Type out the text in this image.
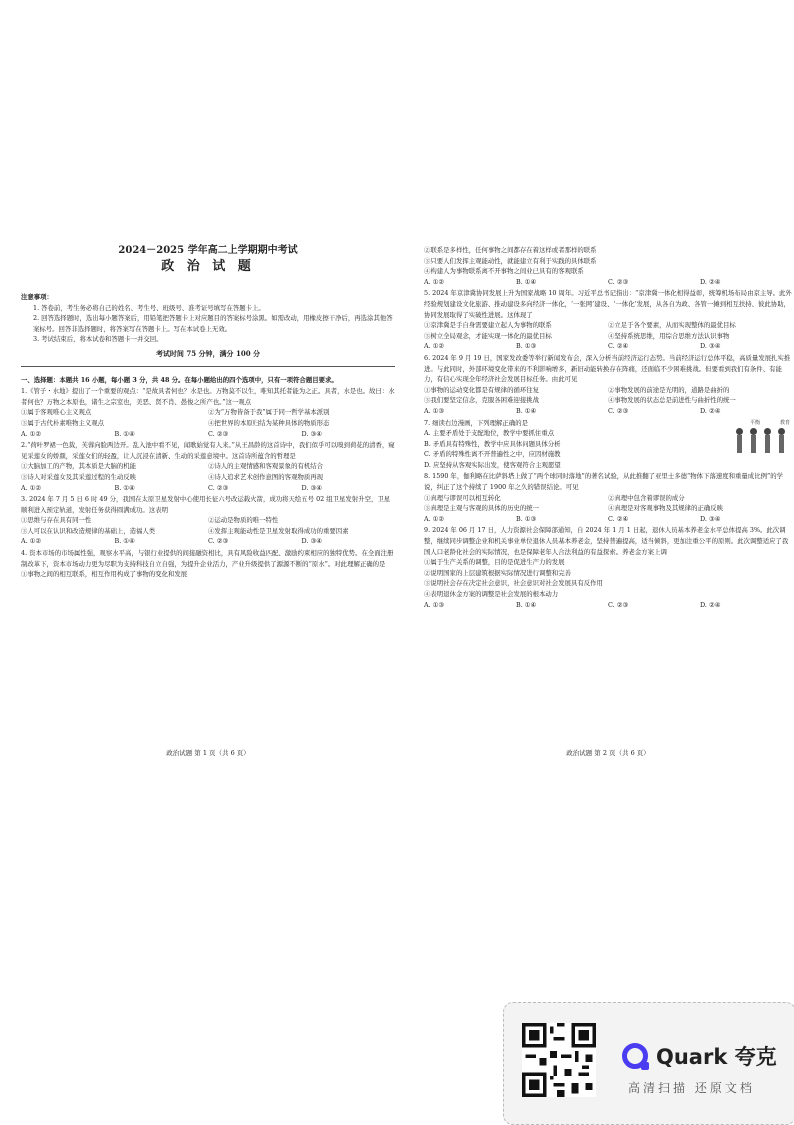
2024－2025 学年高二上学期期中考试
政 治 试 题
注意事项：
1. 答卷前，考生务必将自己的姓名、考生号、班级号、准考证号填写在答题卡上。
2. 回答选择题时，选出每小题答案后，用铅笔把答题卡上对应题目的答案标号涂黑。如需改动，用橡皮擦干净后，再选涂其他答案标号。回答非选择题时，将答案写在答题卡上。写在本试卷上无效。
3. 考试结束后，将本试卷和答题卡一并交回。
考试时间 75 分钟，满分 100 分
一、选择题：本题共 16 小题，每小题 3 分，共 48 分。在每小题给出的四个选项中，只有一项符合题目要求。
1.《管子・水地》提出了一个重要的观点：“是故具者何也？水是也。万物莫不以生，唯知其托者能为之正。具者，水是也。故曰：水者何也？万物之本原也，诸生之宗室也，美恶、贤不肖、愚俊之所产也。”这一观点
①属于客观唯心主义观点	②为“万物皆备于我”属于同一哲学基本派别
③属于古代朴素唯物主义观点	④把世界的本原归结为某种具体的物质形态
A. ①②	B. ①④	C. ②③	D. ③④
2.“荷叶罗裙一色裁，芙蓉向脸两边开。乱入池中看不见，闻歌始觉有人来。”从王昌龄的这首诗中，我们似乎可以嗅到荷花的清香，窥见采莲女的娇颜，采莲女们的轻盈，让人沉浸在清新、生动的采莲意境中。这首诗所蕴含的哲理是
①大脑加工的产物，其本质是大脑的机能	②诗人的主观情感和客观景象的有机结合
③诗人对采莲女及其采莲过程的生动反映	④诗人追求艺术创作意图的客观物质再现
A. ①②	B. ①④	C. ②③	D. ③④
3. 2024 年 7 月 5 日 6 时 49 分，我国在太原卫星发射中心使用长征六号改运载火箭，成功将天绘五号 02 组卫星发射升空，卫星顺利进入预定轨道，发射任务获得圆满成功。这表明
①思维与存在具有同一性	②运动是物质的唯一特性
③人可以在认识和改造规律的基础上，造福人类	④发挥主观能动性是卫星发射取得成功的重要因素
A. ①②	B. ①④	C. ②③	D. ③④
4. 资本市场的市场属性强，观察水平高，与银行业提供的间接融资相比，具有风险收益匹配、激励约束相应的独特优势。在全面注册制改革下，资本市场动力更为尽职为支持科技自立自强，为提升企业活力，产业升级提供了源源不断的“原水”。对此理解正确的是
①事物之间的相互联系，相互作用构成了事物的变化和发展
②联系是多样性，任何事物之间都存在着这样或者那样的联系
③只要人们发挥主观能动性，就能建立有利于实践的具体联系
④构建人为事物联系离不开事物之间业已具有的客观联系
A. ①②	B. ①④	C. ②③	D. ②④
5. 2024 年京津冀协同发展上升为国家战略 10 周年。习近平总书记指出：“京津冀一体化相得益彰，统筹机场布局由京主导。此外经验规划建设文化旅游、推动建设多向经济一体化，‘一张网’建设、‘一体化’发展，从各自为政、各管一摊到相互扶持、彼此协助，协同发展取得了实破性进展。这体现了
①京津冀是手自身需要建立起人为事物的联系	②立足于各个要素，从而实现整体的最优目标
③树立全局观念，才能实现一体化的最优目标	④坚持系统思维，用综合思维方法认识事物
A. ①②	B. ①③	C. ②④	D. ③④
6. 2024 年 9 月 19 日，国家发改委等举行新闻发布会，深入分析当前经济运行态势。当前经济运行总体平稳，高质量发展扎实推进。与此同时，外部环境变化带来的不利影响增多，新旧动能转换存在阵痛，还面临不少困难挑战。但要看到我们有条件、有能力，有信心实现全年经济社会发展目标任务。由此可见
①事物的运动变化都是有规律的循环往复	②事物发展的前途是光明的，道路是曲折的
③我们要坚定信念，克服各困难迎接挑战	④事物发展的状态总是前进性与曲折性的统一
A. ①③	B. ①④	C. ②③	D. ②④
7. 细读右边漫画，下列理解正确的是
A. 主要矛盾处于支配地位，教学中要抓住重点
B. 矛盾具有特殊性，教学中应具体问题具体分析
C. 矛盾的特殊性离不开普遍性之中，应因材施教
D. 应坚持从客观实际出发，使客观符合主观愿望
平衡	教育
8. 1590 年，伽利略在比萨斜塔上做了“两个球同时落地”的著名试验，从此推翻了亚里士多德“物体下落速度和重量成比例”的学说，纠正了这个持续了 1900 年之久的错误结论。可见
①真理与谬误可以相互转化	②真理中包含着谬误的成分
③真理是主观与客观的具体的历史的统一	④真理是对客观事物及其规律的正确反映
A. ①②	B. ①③	C. ②④	D. ③④
9. 2024 年 06 月 17 日，人力资源社会保障部通知，自 2024 年 1 月 1 日起，退休人员基本养老金水平总体提高 3%。此次调整，继续同步调整企业和机关事业单位退休人员基本养老金，坚持普遍提高，适当倾斜，更加注重公平的原则。此次调整适应了我国人口老龄化社会的实际情况，也是保障老年人合法利益的有益探索。养老金方案上调
①属于生产关系的调整，目的是促进生产力的发展
②说明国家的上层建筑根据实际情况进行调整和完善
③说明社会存在决定社会意识，社会意识对社会发展具有反作用
④表明退休金方案的调整是社会发展的根本动力
A. ①③	B. ①④	C. ②③	D. ②④
政治试题 第 1 页（共 6 页）	政治试题 第 2 页（共 6 页）
Quark 夸克
高清扫描 还原文档
